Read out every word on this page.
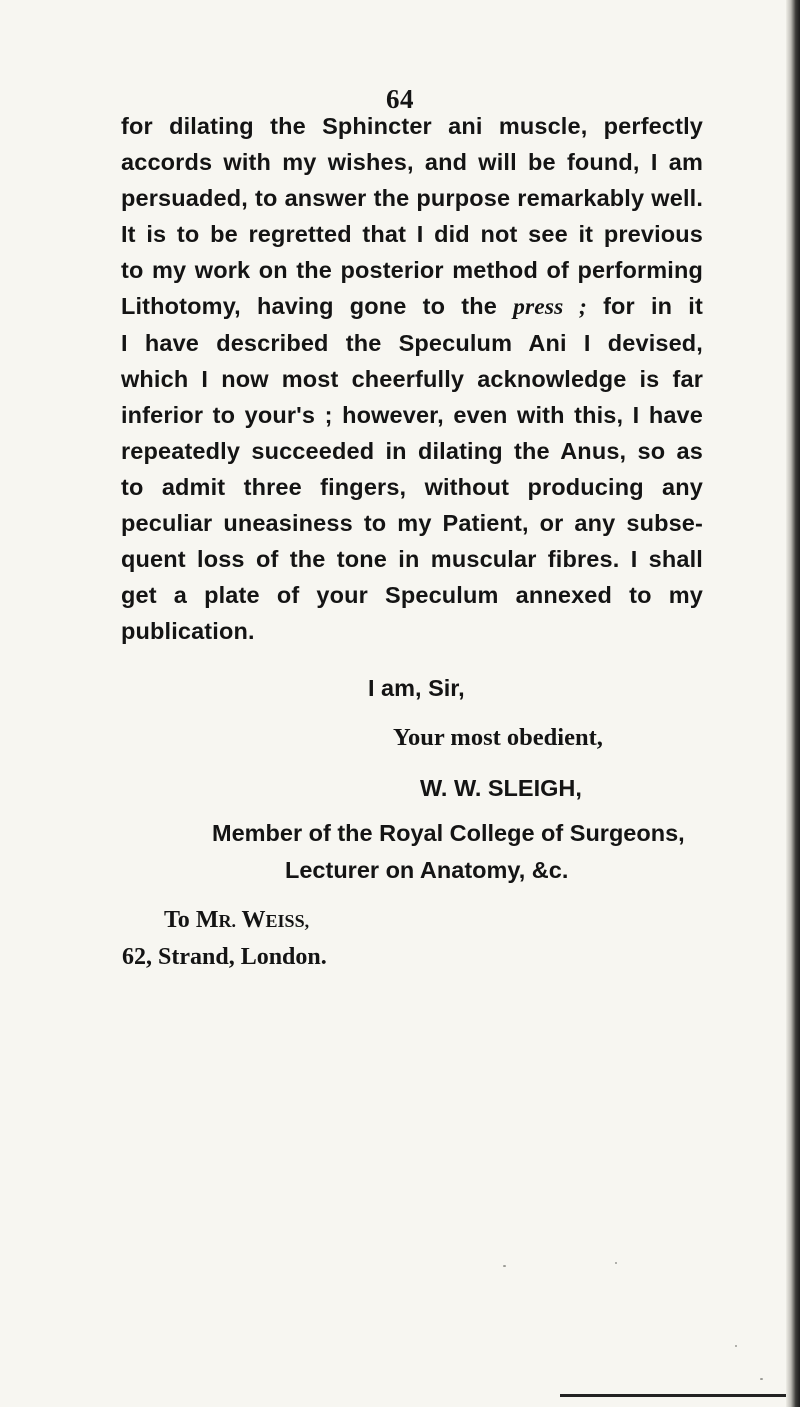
64
for dilating the Sphincter ani muscle, perfectly
accords with my wishes, and will be found, I am
persuaded, to answer the purpose remarkably well.
It is to be regretted that I did not see it previous
to my work on the posterior method of performing
Lithotomy, having gone to the press ; for in it
I have described the Speculum Ani I devised,
which I now most cheerfully acknowledge is far
inferior to your's ; however, even with this, I have
repeatedly succeeded in dilating the Anus, so as
to admit three fingers, without producing any
peculiar uneasiness to my Patient, or any subse-
quent loss of the tone in muscular fibres. I shall
get a plate of your Speculum annexed to my
publication.
I am, Sir,
Your most obedient,
W. W. SLEIGH,
Member of the Royal College of Surgeons,
Lecturer on Anatomy, &c.
To MR. WEISS,
62, Strand, London.
